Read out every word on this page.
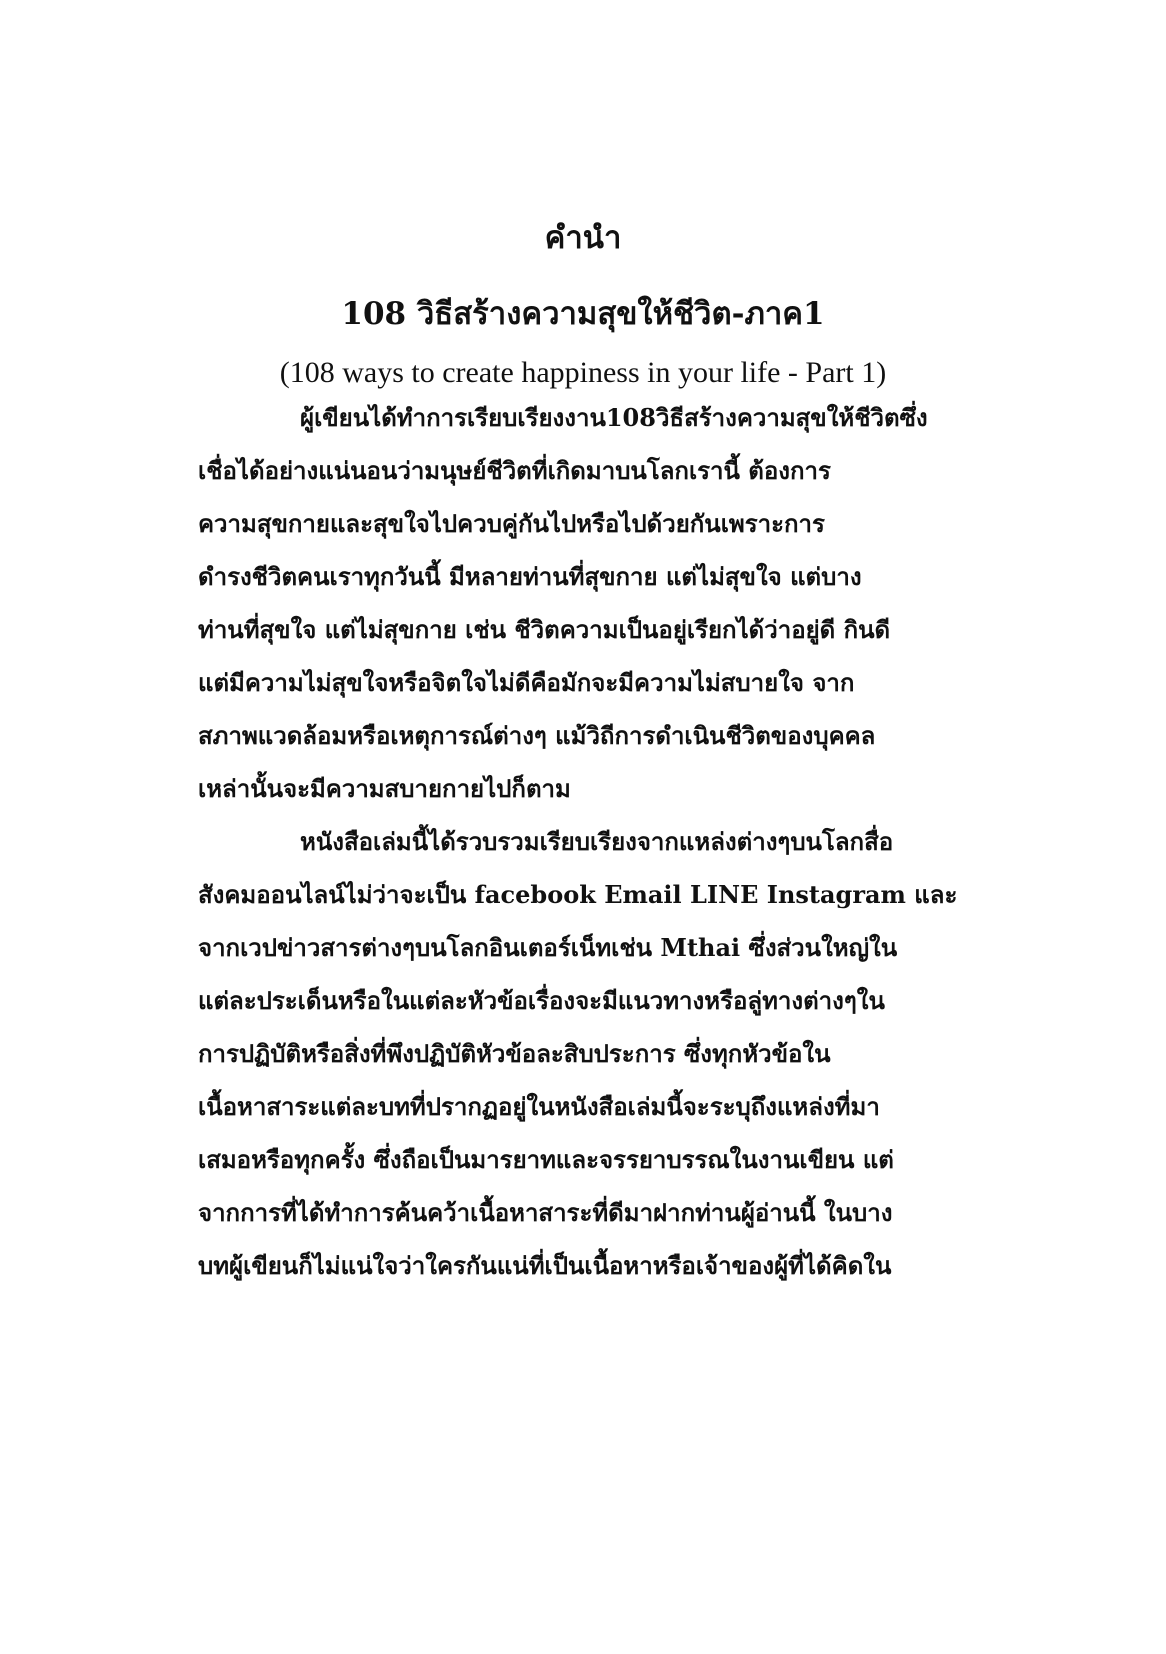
คำนำ
108 วิธีสร้างความสุขให้ชีวิต-ภาค1
(108 ways to create happiness in your life - Part 1)
ผู้เขียนได้ทำการเรียบเรียงงาน108วิธีสร้างความสุขให้ชีวิตซึ่ง
เชื่อได้อย่างแน่นอนว่ามนุษย์ชีวิตที่เกิดมาบนโลกเรานี้ ต้องการ
ความสุขกายและสุขใจไปควบคู่กันไปหรือไปด้วยกันเพราะการ
ดำรงชีวิตคนเราทุกวันนี้ มีหลายท่านที่สุขกาย แต่ไม่สุขใจ แต่บาง
ท่านที่สุขใจ แต่ไม่สุขกาย เช่น ชีวิตความเป็นอยู่เรียกได้ว่าอยู่ดี กินดี
แต่มีความไม่สุขใจหรือจิตใจไม่ดีคือมักจะมีความไม่สบายใจ จาก
สภาพแวดล้อมหรือเหตุการณ์ต่างๆ แม้วิถีการดำเนินชีวิตของบุคคล
เหล่านั้นจะมีความสบายกายไปก็ตาม
หนังสือเล่มนี้ได้รวบรวมเรียบเรียงจากแหล่งต่างๆบนโลกสื่อ
สังคมออนไลน์ไม่ว่าจะเป็น facebook Email LINE Instagram และ
จากเวปข่าวสารต่างๆบนโลกอินเตอร์เน็ทเช่น Mthai ซึ่งส่วนใหญ่ใน
แต่ละประเด็นหรือในแต่ละหัวข้อเรื่องจะมีแนวทางหรือลู่ทางต่างๆใน
การปฏิบัติหรือสิ่งที่พึงปฏิบัติหัวข้อละสิบประการ ซึ่งทุกหัวข้อใน
เนื้อหาสาระแต่ละบทที่ปรากฏอยู่ในหนังสือเล่มนี้จะระบุถึงแหล่งที่มา
เสมอหรือทุกครั้ง ซึ่งถือเป็นมารยาทและจรรยาบรรณในงานเขียน แต่
จากการที่ได้ทำการค้นคว้าเนื้อหาสาระที่ดีมาฝากท่านผู้อ่านนี้ ในบาง
บทผู้เขียนก็ไม่แน่ใจว่าใครกันแน่ที่เป็นเนื้อหาหรือเจ้าของผู้ที่ได้คิดใน
